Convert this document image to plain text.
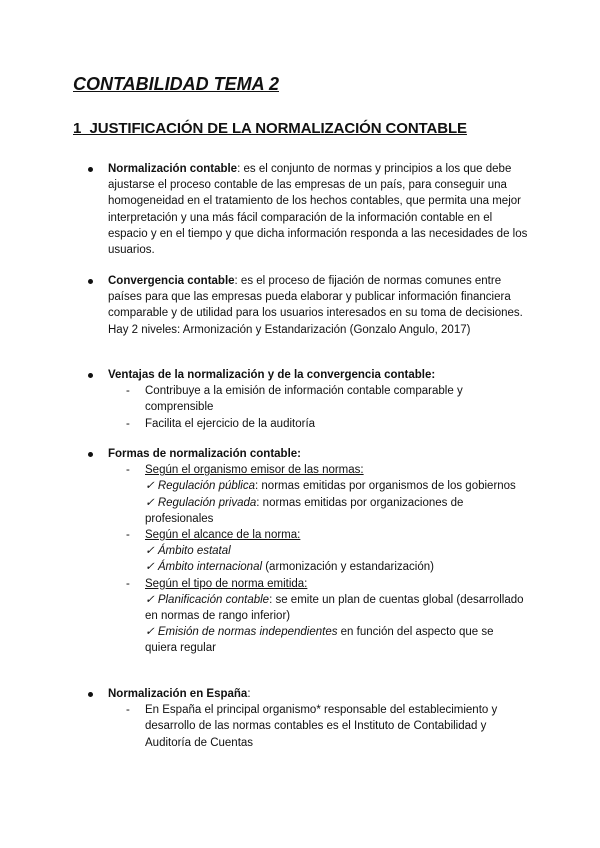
CONTABILIDAD TEMA 2
1_JUSTIFICACIÓN DE LA NORMALIZACIÓN CONTABLE
Normalización contable: es el conjunto de normas y principios a los que debe ajustarse el proceso contable de las empresas de un país, para conseguir una homogeneidad en el tratamiento de los hechos contables, que permita una mejor interpretación y una más fácil comparación de la información contable en el espacio y en el tiempo y que dicha información responda a las necesidades de los usuarios.
Convergencia contable: es el proceso de fijación de normas comunes entre países para que las empresas pueda elaborar y publicar información financiera comparable y de utilidad para los usuarios interesados en su toma de decisiones. Hay 2 niveles: Armonización y Estandarización (Gonzalo Angulo, 2017)
Ventajas de la normalización y de la convergencia contable:
- Contribuye a la emisión de información contable comparable y comprensible
- Facilita el ejercicio de la auditoría
Formas de normalización contable:
- Según el organismo emisor de las normas:
✓ Regulación pública: normas emitidas por organismos de los gobiernos
✓ Regulación privada: normas emitidas por organizaciones de profesionales
- Según el alcance de la norma:
✓ Ámbito estatal
✓ Ámbito internacional (armonización y estandarización)
- Según el tipo de norma emitida:
✓ Planificación contable: se emite un plan de cuentas global (desarrollado en normas de rango inferior)
✓ Emisión de normas independientes en función del aspecto que se quiera regular
Normalización en España:
- En España el principal organismo* responsable del establecimiento y desarrollo de las normas contables es el Instituto de Contabilidad y Auditoría de Cuentas
